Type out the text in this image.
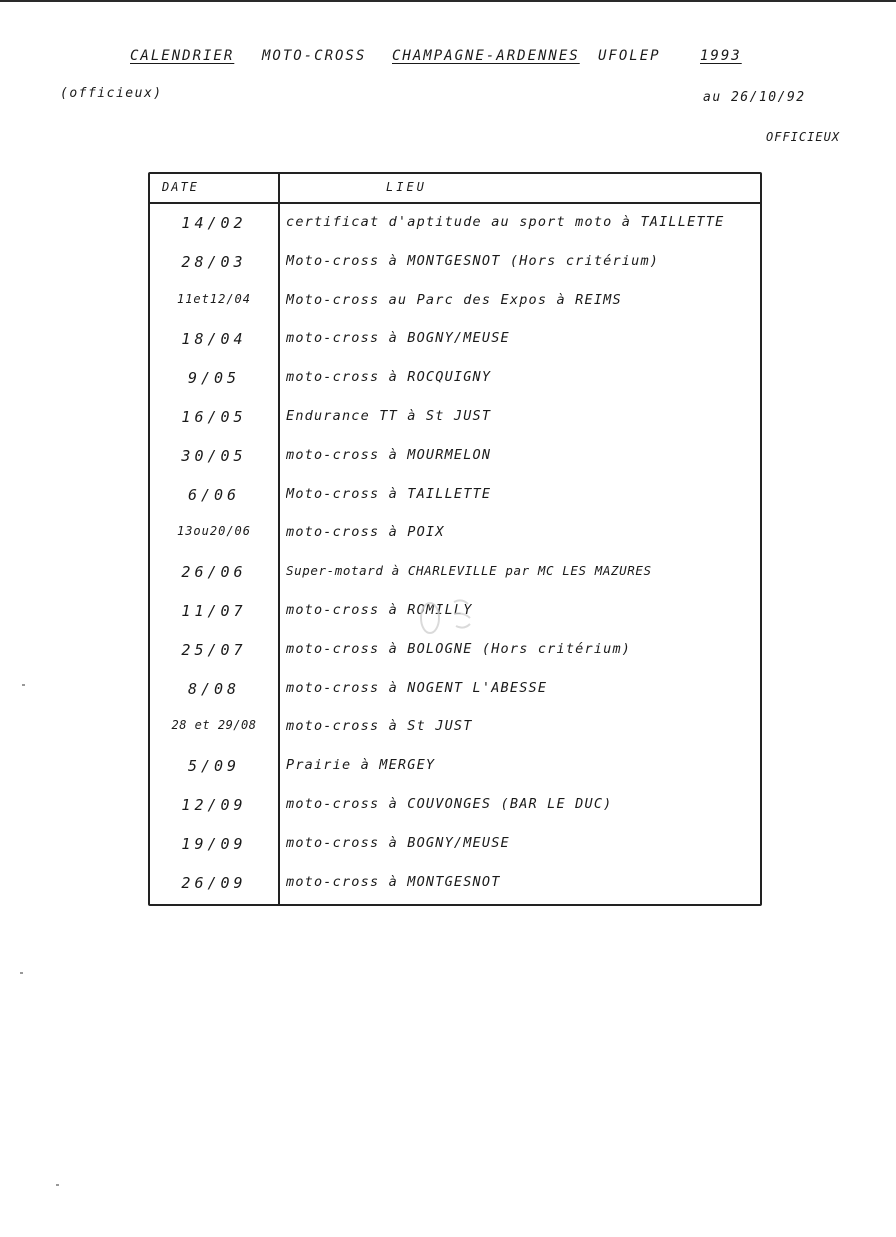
CALENDRIER MOTO-CROSS CHAMPAGNE-ARDENNES UFOLEP	1993
(officieux)	au 26/10/92
OFFICIEUX
DATE	LIEU
14/02	certificat d'aptitude au sport moto à TAILLETTE
28/03	Moto-cross à MONTGESNOT (Hors critérium)
11et12/04	Moto-cross au Parc des Expos à REIMS
18/04	moto-cross à BOGNY/MEUSE
9/05	moto-cross à ROCQUIGNY
16/05	Endurance TT à St JUST
30/05	moto-cross à MOURMELON
6/06	Moto-cross à TAILLETTE
13ou20/06	moto-cross à POIX
26/06	Super-motard à CHARLEVILLE par MC LES MAZURES
11/07	moto-cross à ROMILLY
25/07	moto-cross à BOLOGNE (Hors critérium)
8/08	moto-cross à NOGENT L'ABESSE
28 et 29/08	moto-cross à St JUST
5/09	Prairie à MERGEY
12/09	moto-cross à COUVONGES (BAR LE DUC)
19/09	moto-cross à BOGNY/MEUSE
26/09	moto-cross à MONTGESNOT
